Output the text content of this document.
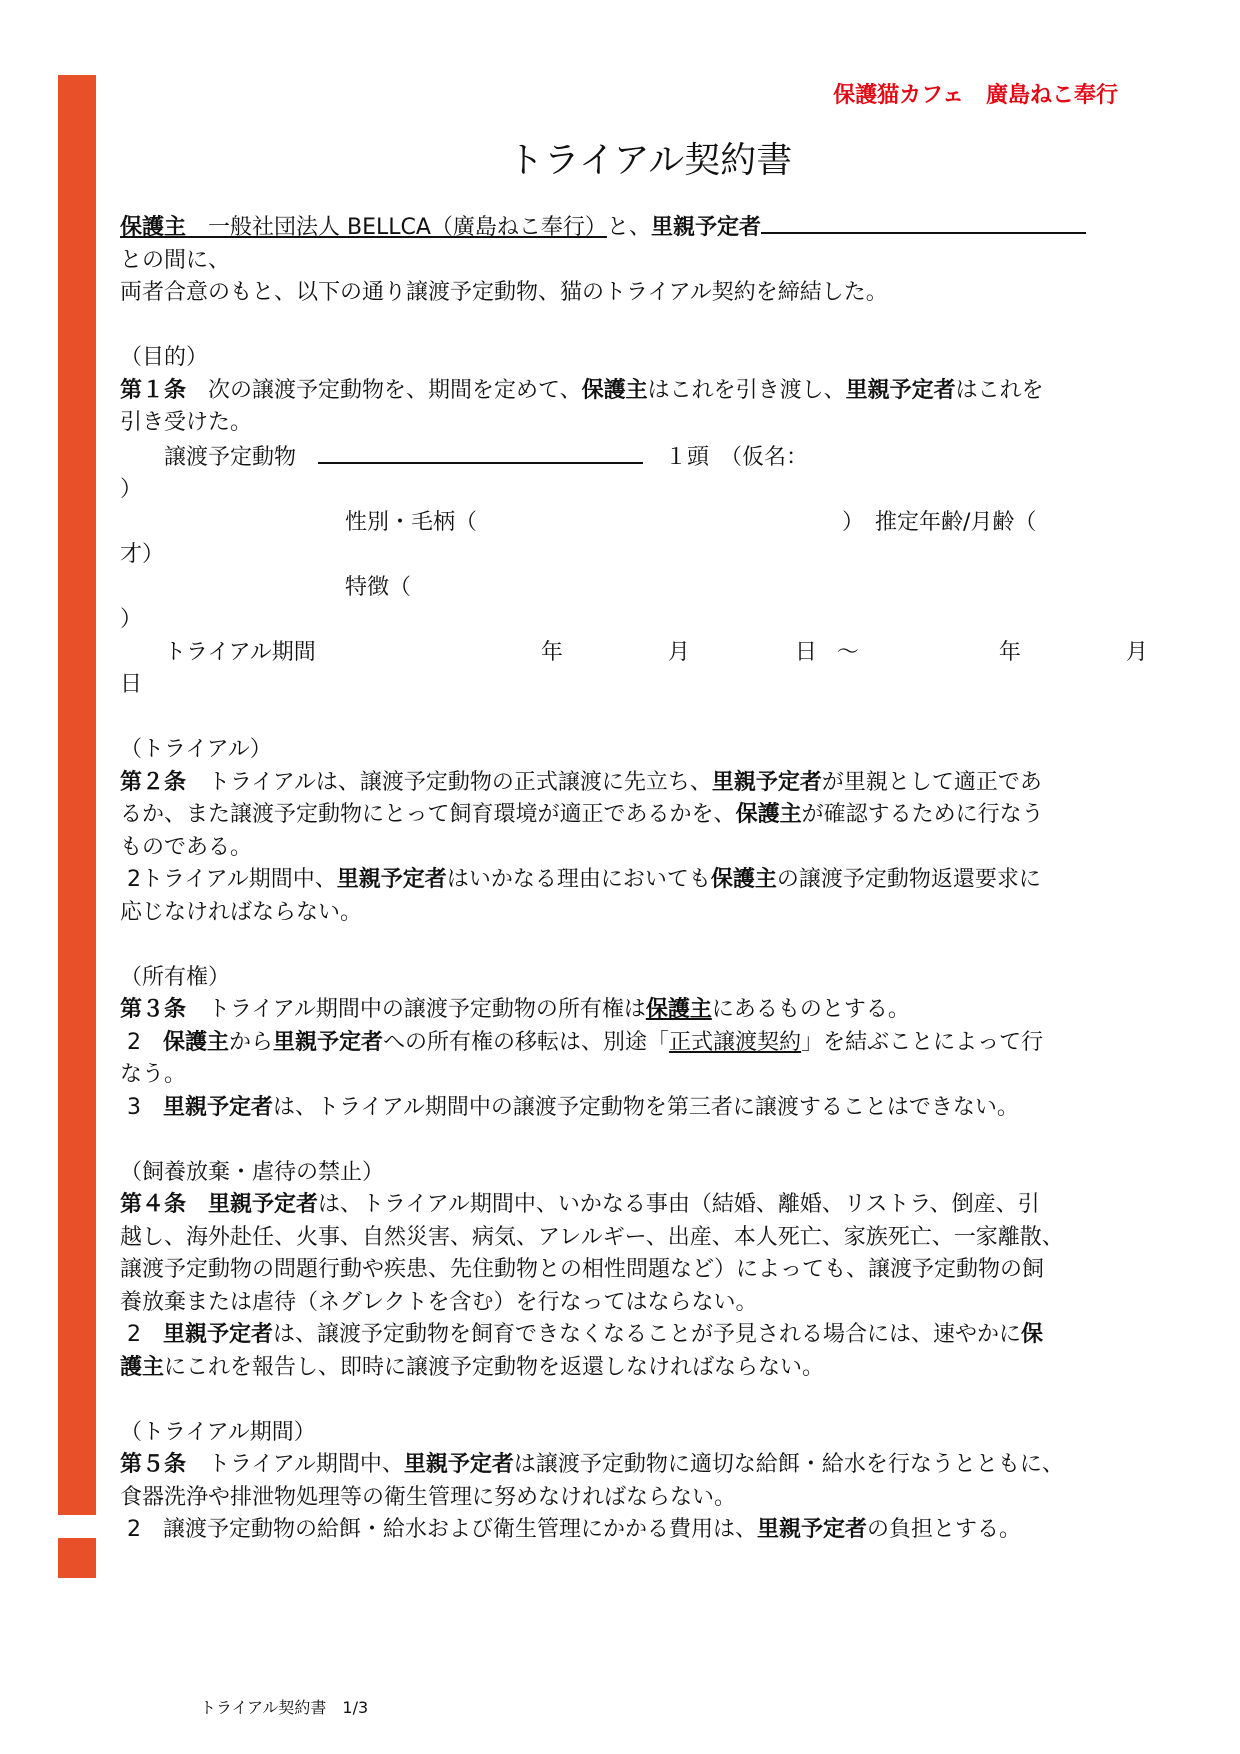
保護猫カフェ　廣島ねこ奉行
トライアル契約書
保護主　一般社団法人 BELLCA（廣島ねこ奉行）と、里親予定者
との間に、
両者合意のもと、以下の通り譲渡予定動物、猫のトライアル契約を締結した。
（目的）
第１条　次の譲渡予定動物を、期間を定めて、保護主はこれを引き渡し、里親予定者はこれを
引き受けた。
　　譲渡予定動物　	　１頭　（仮名：
）
性別・毛柄（	）　推定年齢/月齢（
才）
特徴（
）
　　トライアル期間	年	月	日 ～	年	月
日
（トライアル）
第２条　トライアルは、譲渡予定動物の正式譲渡に先立ち、里親予定者が里親として適正であ
るか、また譲渡予定動物にとって飼育環境が適正であるかを、保護主が確認するために行なう
ものである。
2トライアル期間中、里親予定者はいかなる理由においても保護主の譲渡予定動物返還要求に
応じなければならない。
（所有権）
第３条　トライアル期間中の譲渡予定動物の所有権は保護主にあるものとする。
2　保護主から里親予定者への所有権の移転は、別途「正式譲渡契約」を結ぶことによって行
なう。
3　里親予定者は、トライアル期間中の譲渡予定動物を第三者に譲渡することはできない。
（飼養放棄・虐待の禁止）
第４条　 里親予定者は、トライアル期間中、いかなる事由（結婚、離婚、リストラ、倒産、引
越し、海外赴任、火事、自然災害、病気、アレルギー、出産、本人死亡、家族死亡、一家離散、
譲渡予定動物の問題行動や疾患、先住動物との相性問題など）によっても、譲渡予定動物の飼
養放棄または虐待（ネグレクトを含む）を行なってはならない。
2　里親予定者は、譲渡予定動物を飼育できなくなることが予見される場合には、速やかに保
護主にこれを報告し、即時に譲渡予定動物を返還しなければならない。
（トライアル期間）
第５条　トライアル期間中、里親予定者は譲渡予定動物に適切な給餌・給水を行なうとともに、
食器洗浄や排泄物処理等の衛生管理に努めなければならない。
2　譲渡予定動物の給餌・給水および衛生管理にかかる費用は、里親予定者の負担とする。
トライアル契約書　1/3
